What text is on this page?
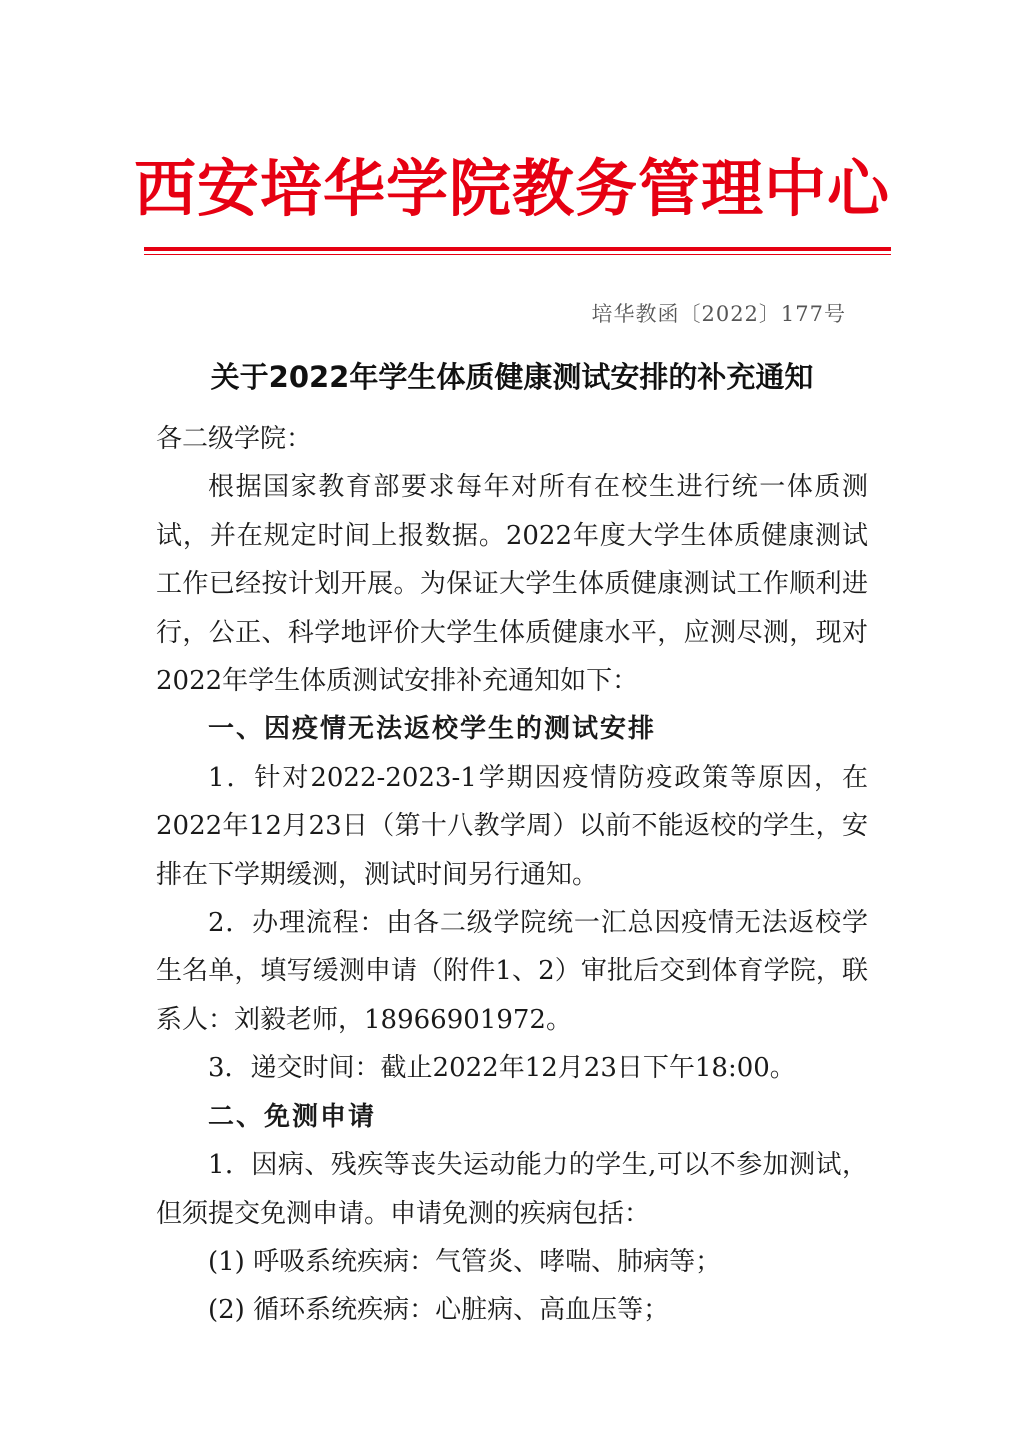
西安培华学院教务管理中心
培华教函〔2022〕177号
关于2022年学生体质健康测试安排的补充通知

各二级学院：

根据国家教育部要求每年对所有在校生进行统一体质测试，并在规定时间上报数据。2022年度大学生体质健康测试工作已经按计划开展。为保证大学生体质健康测试工作顺利进行，公正、科学地评价大学生体质健康水平，应测尽测，现对2022年学生体质测试安排补充通知如下：

一、因疫情无法返校学生的测试安排

1．针对2022-2023-1学期因疫情防疫政策等原因，在2022年12月23日（第十八教学周）以前不能返校的学生，安排在下学期缓测，测试时间另行通知。

2．办理流程：由各二级学院统一汇总因疫情无法返校学生名单，填写缓测申请（附件1、2）审批后交到体育学院，联系人：刘毅老师，18966901972。

3．递交时间：截止2022年12月23日下午18:00。

二、免测申请

1．因病、残疾等丧失运动能力的学生,可以不参加测试，但须提交免测申请。申请免测的疾病包括：

(1) 呼吸系统疾病：气管炎、哮喘、肺病等；

(2) 循环系统疾病：心脏病、高血压等；
